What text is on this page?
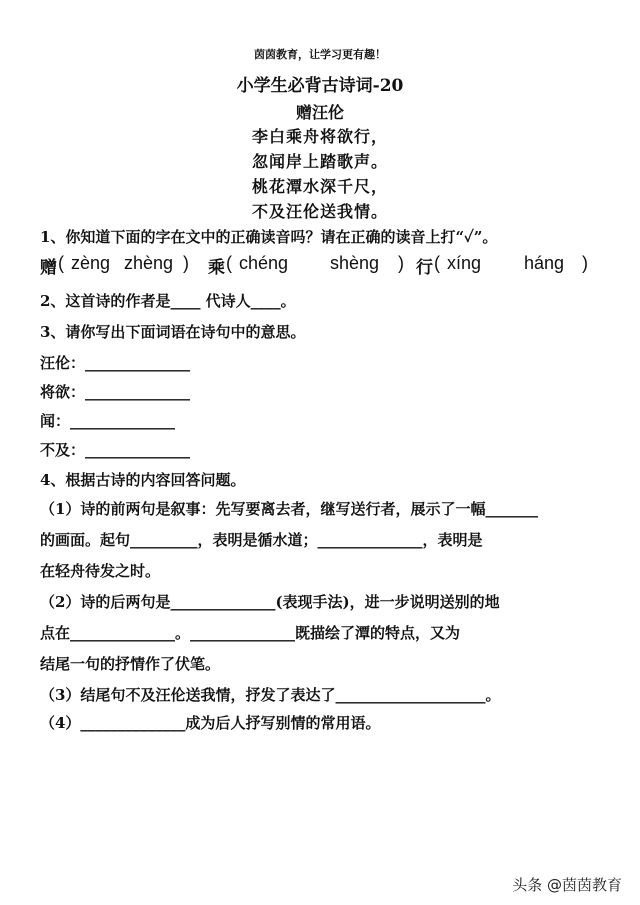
茵茵教育，让学习更有趣！
小学生必背古诗词-20
赠汪伦
李白乘舟将欲行，
忽闻岸上踏歌声。
桃花潭水深千尺，
不及汪伦送我情。
1、你知道下面的字在文中的正确读音吗？请在正确的读音上打“✓”。
赠 ( zèng zhèng ) 乘 ( chéng shèng ) 行 ( xíng háng )
2、这首诗的作者是____ 代诗人____。
3、请你写出下面词语在诗句中的意思。
汪伦：______________
将欲：______________
闻：______________
不及：______________
4、根据古诗的内容回答问题。
（1）诗的前两句是叙事：先写要离去者，继写送行者，展示了一幅_______
的画面。起句_________，表明是循水道；______________，表明是
在轻舟待发之时。
（2）诗的后两句是______________(表现手法)，进一步说明送别的地
点在______________。______________既描绘了潭的特点，又为
结尾一句的抒情作了伏笔。
（3）结尾句不及汪伦送我情，抒发了表达了____________________。
（4）______________成为后人抒写别情的常用语。
头条 @茵茵教育
